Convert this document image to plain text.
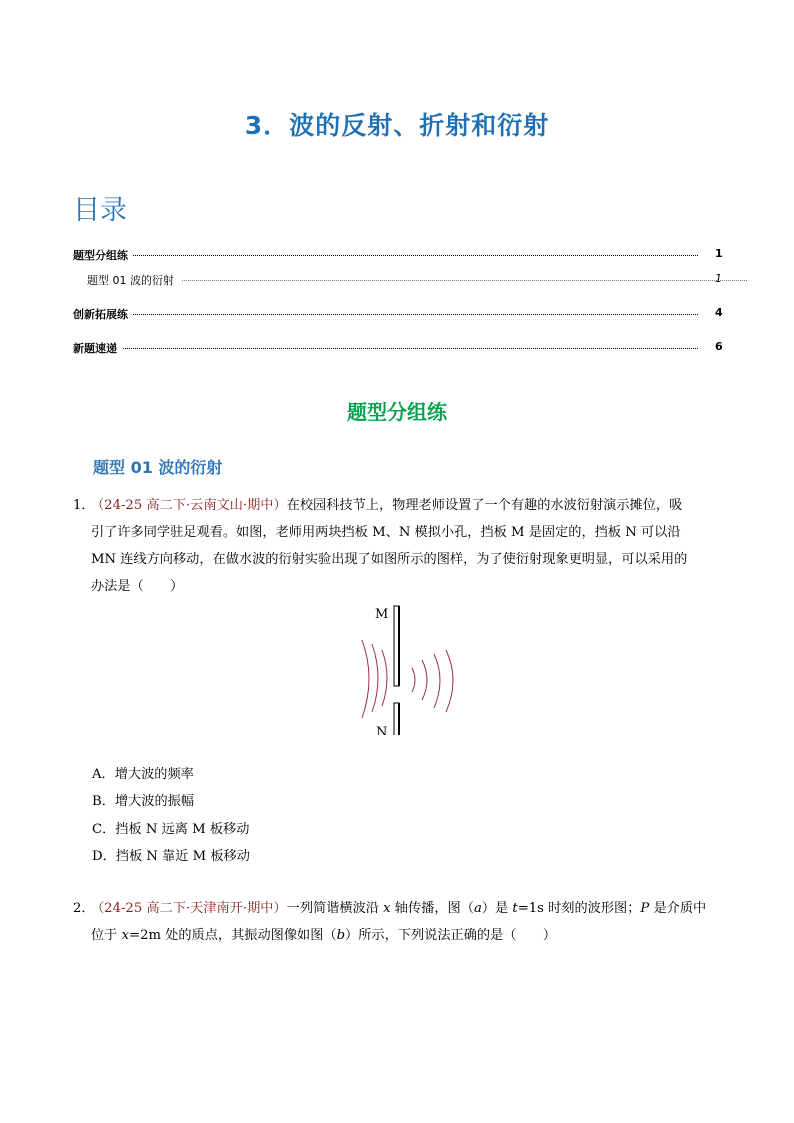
3．波的反射、折射和衍射
目录
题型分组练	1
题型 01 波的衍射	1
创新拓展练	4
新题速递	6
题型分组练
题型 01 波的衍射
1．
（24-25 高二下·云南文山·期中）在校园科技节上，物理老师设置了一个有趣的水波衍射演示摊位，吸
引了许多同学驻足观看。如图，老师用两块挡板 M、N 模拟小孔，挡板 M 是固定的，挡板 N 可以沿
MN 连线方向移动，在做水波的衍射实验出现了如图所示的图样，为了使衍射现象更明显，可以采用的
办法是（　　）
M
N
A．增大波的频率
B．增大波的振幅
C．挡板 N 远离 M 板移动
D．挡板 N 靠近 M 板移动
2．
（24-25 高二下·天津南开·期中）一列简谐横波沿 x 轴传播，图（a）是 t=1s 时刻的波形图；P 是介质中
位于 x=2m 处的质点，其振动图像如图（b）所示，下列说法正确的是（　　）
